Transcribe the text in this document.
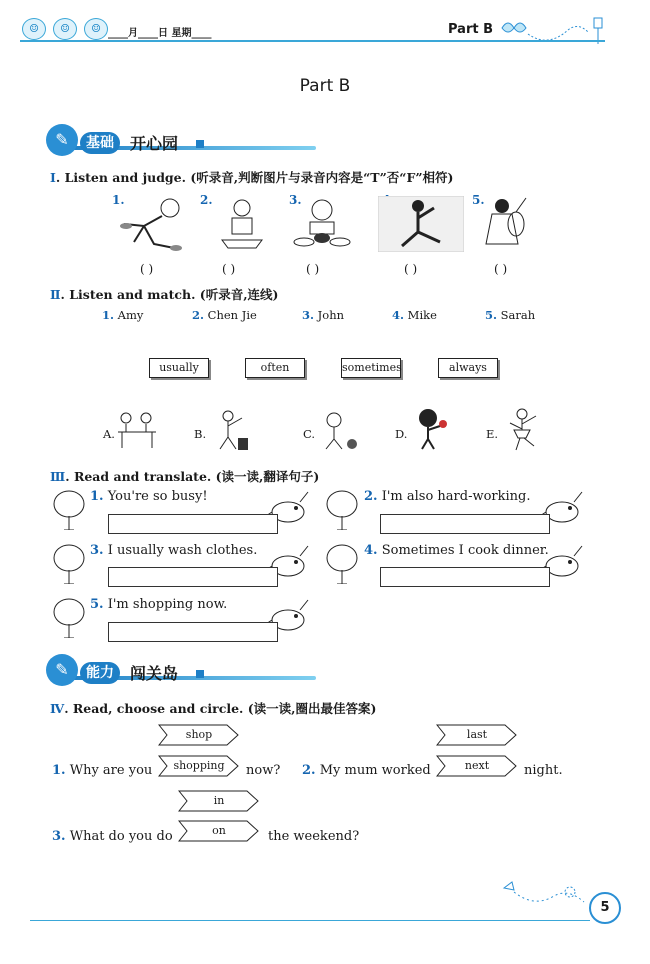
☺	☺	☺ ____月____日 星期____	Part B
Part B
✎	基础	开心园
Ⅰ. Listen and judge. (听录音,判断图片与录音内容是“T”否“F”相符)
1.	2.	3.	5.
( )	( )	( )	( )	( )
Ⅱ. Listen and match. (听录音,连线)
1. Amy	2. Chen Jie	3. John	4. Mike	5. Sarah
usually	often	sometimes	always
A.	B.	C.	D.	E.
Ⅲ. Read and translate. (读一读,翻译句子)
1. You're so busy!	2. I'm also hard-working.
3. I usually wash clothes.	4. Sometimes I cook dinner.
5. I'm shopping now.
✎	能力	闯关岛
Ⅳ. Read, choose and circle. (读一读,圈出最佳答案)
shop
1. Why are you	shopping	now?
last
2. My mum worked	next	night.
in
3. What do you do	on	the weekend?
5
